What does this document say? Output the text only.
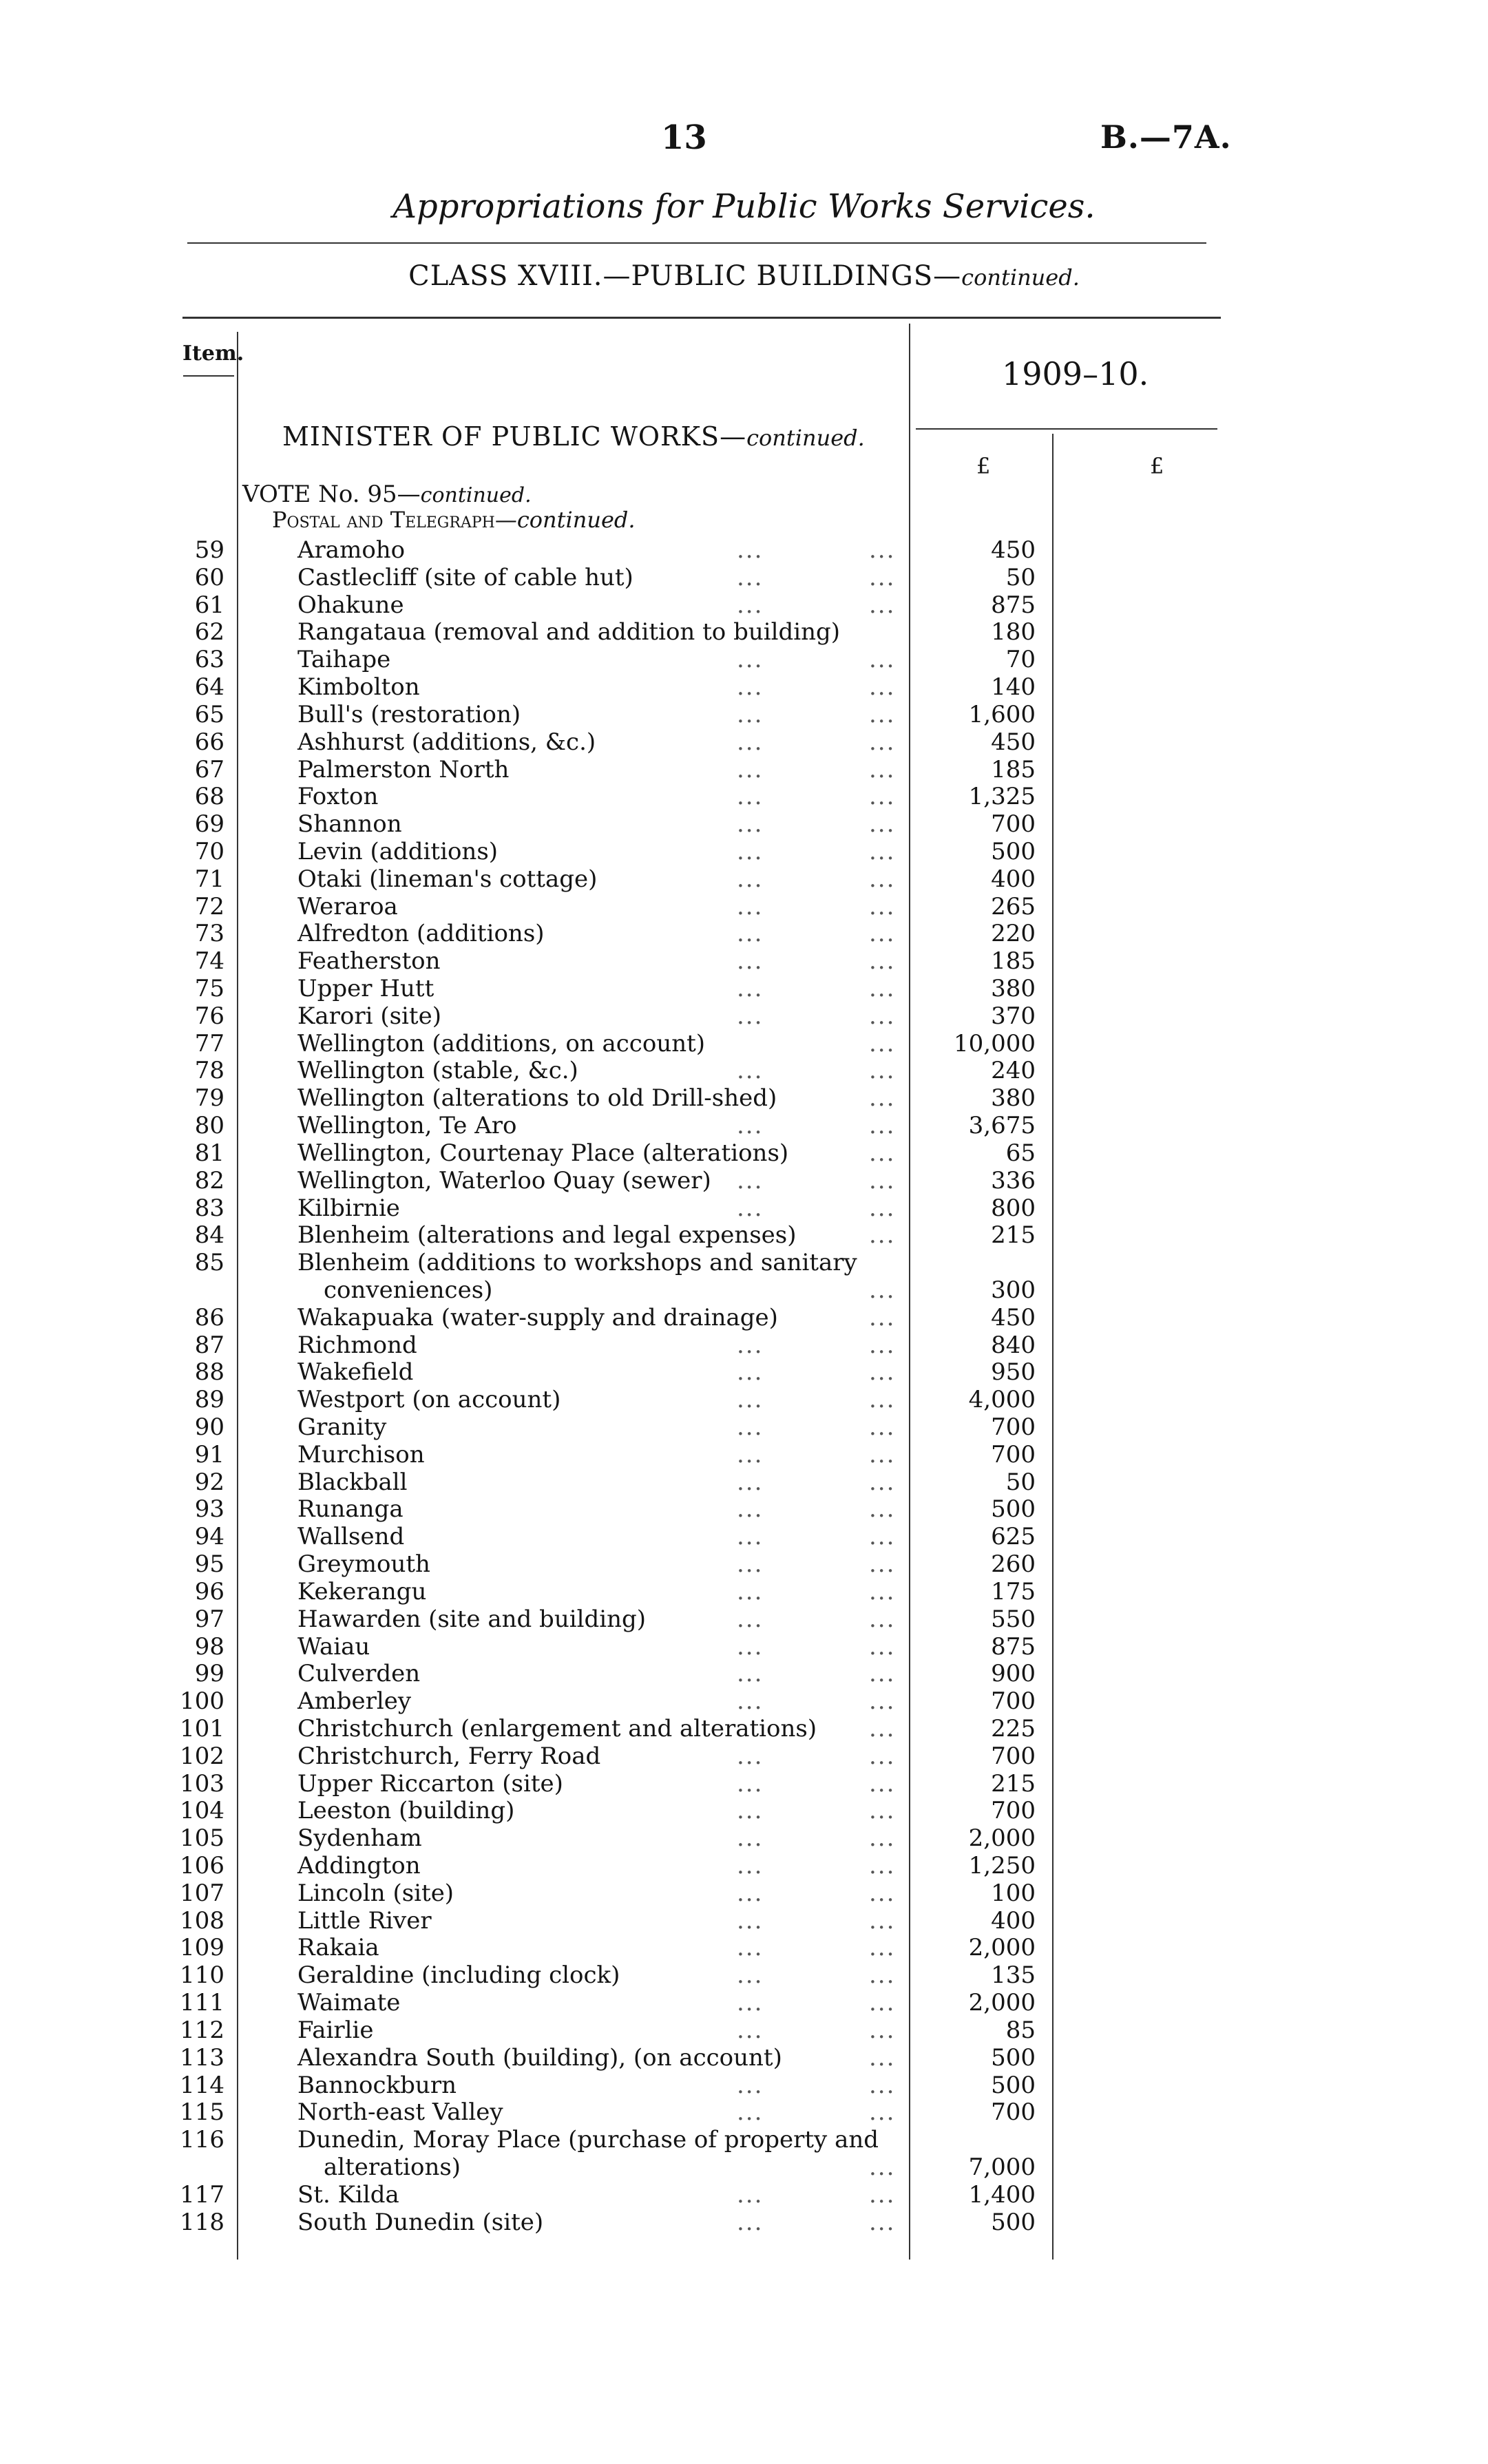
13	B.—7A.
Appropriations for Public Works Services.
CLASS XVIII.—PUBLIC BUILDINGS—continued.
Item.
1909–10.
£	£
MINISTER OF PUBLIC WORKS—continued.
VOTE No. 95—continued.
Postal and Telegraph—continued.
59	Aramoho	...	...	450
60	Castlecliff (site of cable hut)	...	...	50
61	Ohakune	...	...	875
62	Rangataua (removal and addition to building)	180
63	Taihape	...	...	70
64	Kimbolton	...	...	140
65	Bull's (restoration)	...	...	1,600
66	Ashhurst (additions, &c.)	...	...	450
67	Palmerston North	...	...	185
68	Foxton	...	...	1,325
69	Shannon	...	...	700
70	Levin (additions)	...	...	500
71	Otaki (lineman's cottage)	...	...	400
72	Weraroa	...	...	265
73	Alfredton (additions)	...	...	220
74	Featherston	...	...	185
75	Upper Hutt	...	...	380
76	Karori (site)	...	...	370
77	Wellington (additions, on account)	... 10,000
78	Wellington (stable, &c.)	...	...	240
79	Wellington (alterations to old Drill-shed)	...	380
80	Wellington, Te Aro	...	...	3,675
81	Wellington, Courtenay Place (alterations)	...	65
82	Wellington, Waterloo Quay (sewer) ...	...	336
83	Kilbirnie	...	...	800
84	Blenheim (alterations and legal expenses)	...	215
85	Blenheim (additions to workshops and sanitary
conveniences)	...	300
86	Wakapuaka (water-supply and drainage)	...	450
87	Richmond	...	...	840
88	Wakefield	...	...	950
89	Westport (on account)	...	...	4,000
90	Granity	...	...	700
91	Murchison	...	...	700
92	Blackball	...	...	50
93	Runanga	...	...	500
94	Wallsend	...	...	625
95	Greymouth	...	...	260
96	Kekerangu	...	...	175
97	Hawarden (site and building)	...	...	550
98	Waiau	...	...	875
99	Culverden	...	...	900
100	Amberley	...	...	700
101	Christchurch (enlargement and alterations) ...	225
102	Christchurch, Ferry Road	...	...	700
103	Upper Riccarton (site)	...	...	215
104	Leeston (building)	...	...	700
105	Sydenham	...	...	2,000
106	Addington	...	...	1,250
107	Lincoln (site)	...	...	100
108	Little River	...	...	400
109	Rakaia	...	...	2,000
110	Geraldine (including clock)	...	...	135
111	Waimate	...	...	2,000
112	Fairlie	...	...	85
113	Alexandra South (building), (on account)	...	500
114	Bannockburn	...	...	500
115	North-east Valley	...	...	700
116	Dunedin, Moray Place (purchase of property and
alterations)	...	7,000
117	St. Kilda	...	...	1,400
118	South Dunedin (site)	...	...	500
